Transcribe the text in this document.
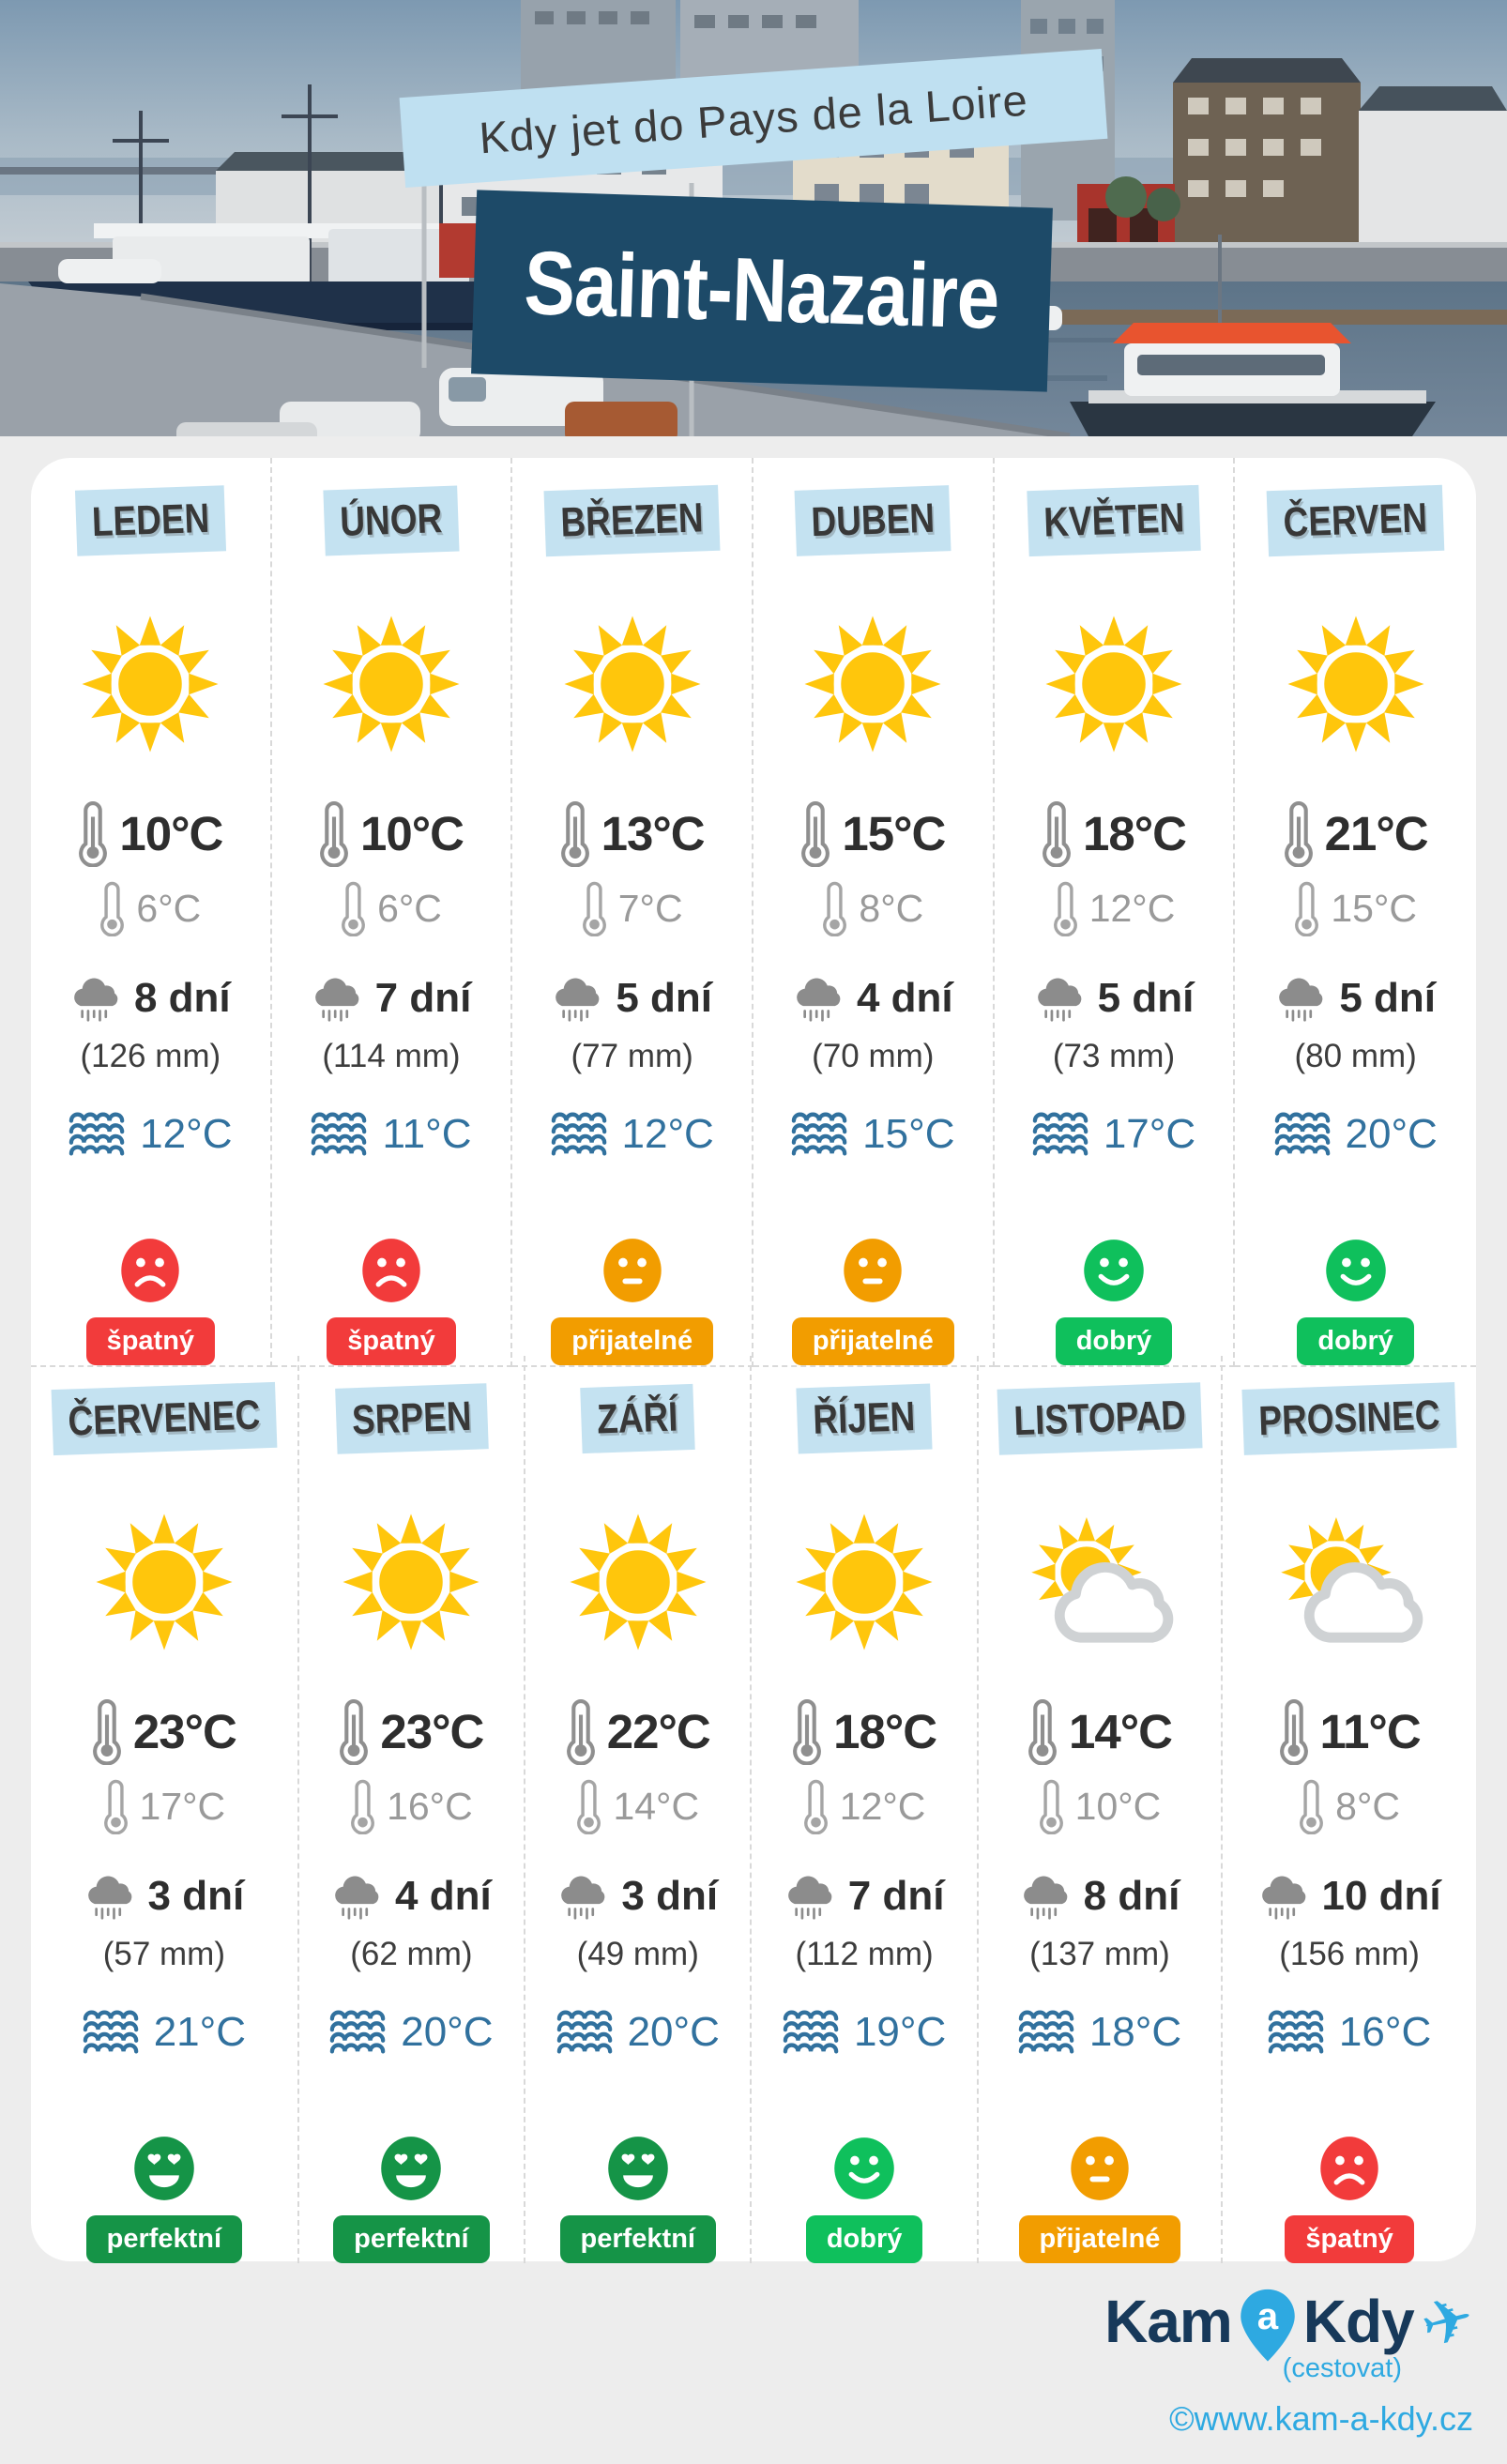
Kdy jet do Pays de la Loire
Saint-Nazaire
LEDEN
10°C
6°C
8 dní
(126 mm)
12°C
špatný
ÚNOR
10°C
6°C
7 dní
(114 mm)
11°C
špatný
BŘEZEN
13°C
7°C
5 dní
(77 mm)
12°C
přijatelné
DUBEN
15°C
8°C
4 dní
(70 mm)
15°C
přijatelné
KVĚTEN
18°C
12°C
5 dní
(73 mm)
17°C
dobrý
ČERVEN
21°C
15°C
5 dní
(80 mm)
20°C
dobrý
ČERVENEC
23°C
17°C
3 dní
(57 mm)
21°C
perfektní
SRPEN
23°C
16°C
4 dní
(62 mm)
20°C
perfektní
ZÁŘÍ
22°C
14°C
3 dní
(49 mm)
20°C
perfektní
ŘÍJEN
18°C
12°C
7 dní
(112 mm)
19°C
dobrý
LISTOPAD
14°C
10°C
8 dní
(137 mm)
18°C
přijatelné
PROSINEC
11°C
8°C
10 dní
(156 mm)
16°C
špatný
Kam a Kdy ✈
(cestovat)
©www.kam-a-kdy.cz
